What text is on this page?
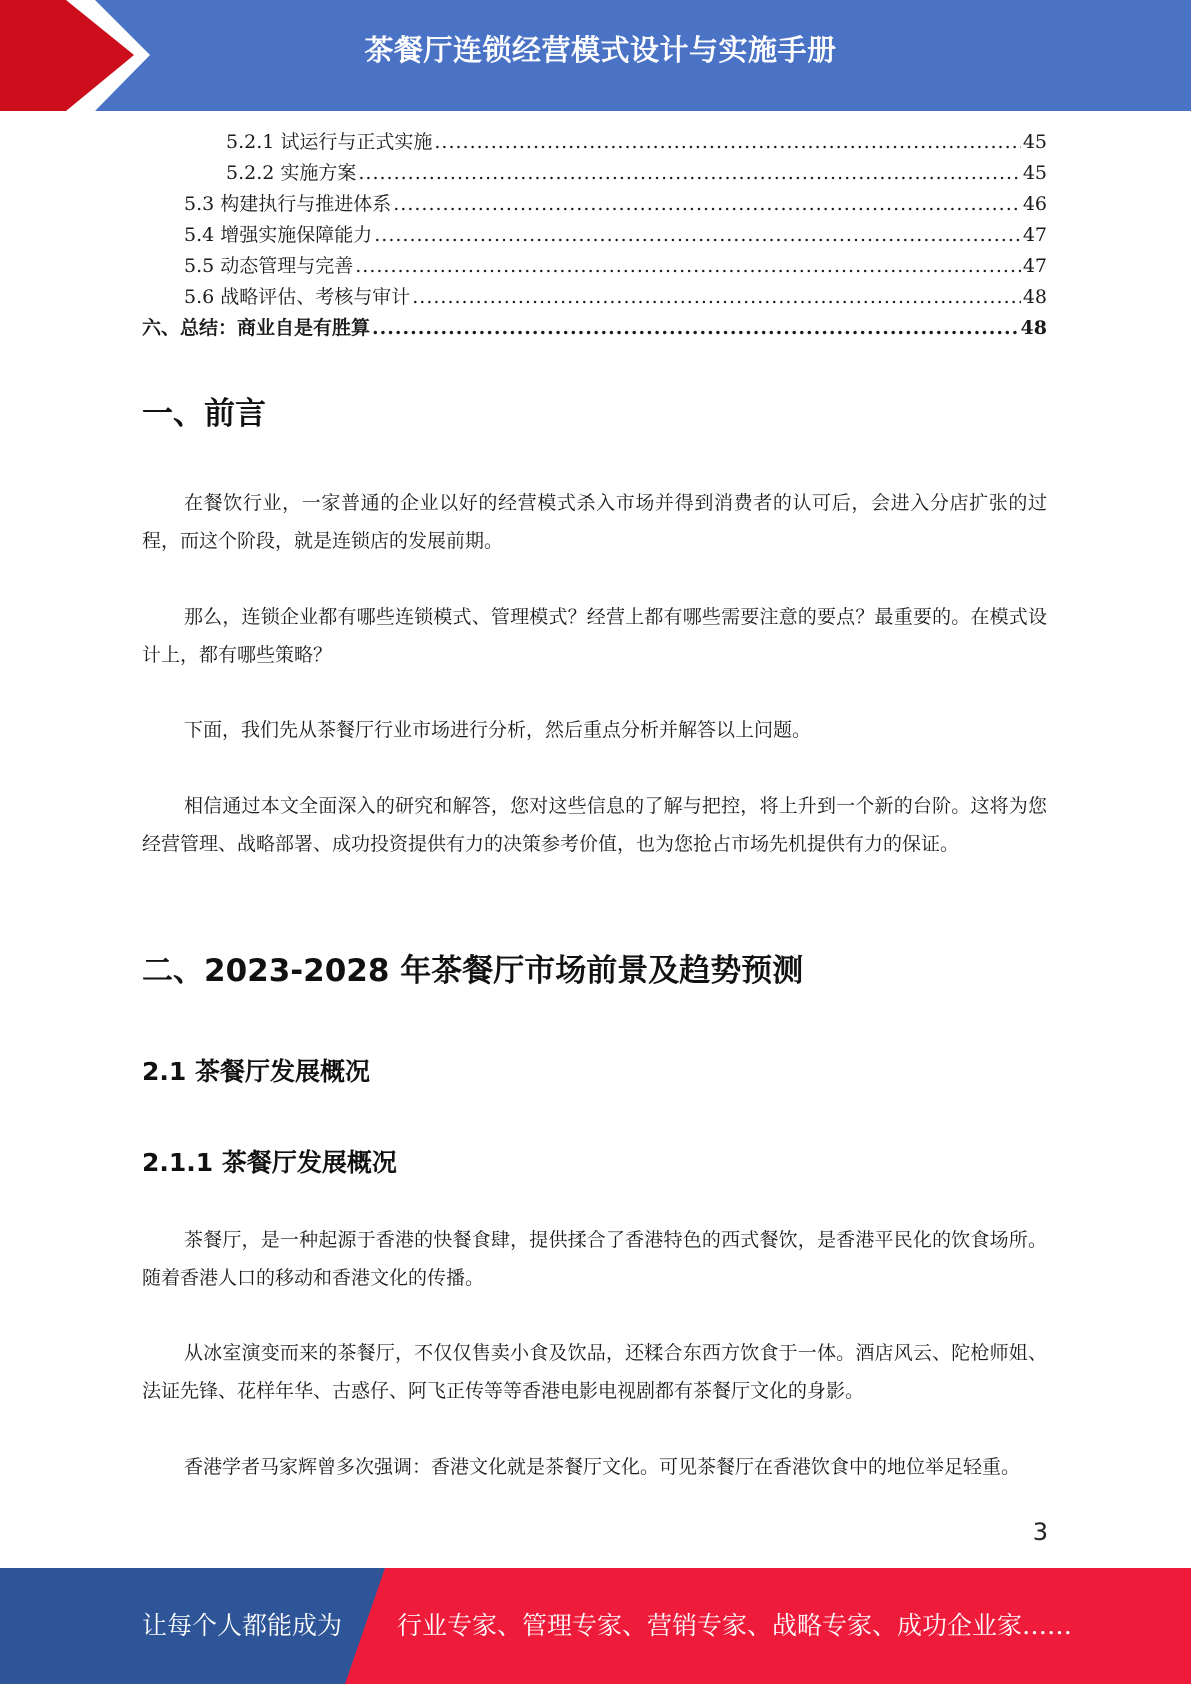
茶餐厅连锁经营模式设计与实施手册
5.2.1 试运行与正式实施 .....	45
5.2.2 实施方案 .....	45
5.3 构建执行与推进体系 .....	46
5.4 增强实施保障能力 .....	47
5.5 动态管理与完善 .....	47
5.6 战略评估、考核与审计 .....	48
六、总结：商业自是有胜算 .....	48
一、前言

在餐饮行业，一家普通的企业以好的经营模式杀入市场并得到消费者的认可后，会进入分店扩张的过程，而这个阶段，就是连锁店的发展前期。

那么，连锁企业都有哪些连锁模式、管理模式？经营上都有哪些需要注意的要点？最重要的。在模式设计上，都有哪些策略？

下面，我们先从茶餐厅行业市场进行分析，然后重点分析并解答以上问题。

相信通过本文全面深入的研究和解答，您对这些信息的了解与把控，将上升到一个新的台阶。这将为您经营管理、战略部署、成功投资提供有力的决策参考价值，也为您抢占市场先机提供有力的保证。

二、2023-2028 年茶餐厅市场前景及趋势预测
2.1 茶餐厅发展概况
2.1.1 茶餐厅发展概况

茶餐厅，是一种起源于香港的快餐食肆，提供揉合了香港特色的西式餐饮，是香港平民化的饮食场所。随着香港人口的移动和香港文化的传播。

从冰室演变而来的茶餐厅，不仅仅售卖小食及饮品，还糅合东西方饮食于一体。酒店风云、陀枪师姐、法证先锋、花样年华、古惑仔、阿飞正传等等香港电影电视剧都有茶餐厅文化的身影。

香港学者马家辉曾多次强调：香港文化就是茶餐厅文化。可见茶餐厅在香港饮食中的地位举足轻重。

3
让每个人都能成为 行业专家、管理专家、营销专家、战略专家、成功企业家……
